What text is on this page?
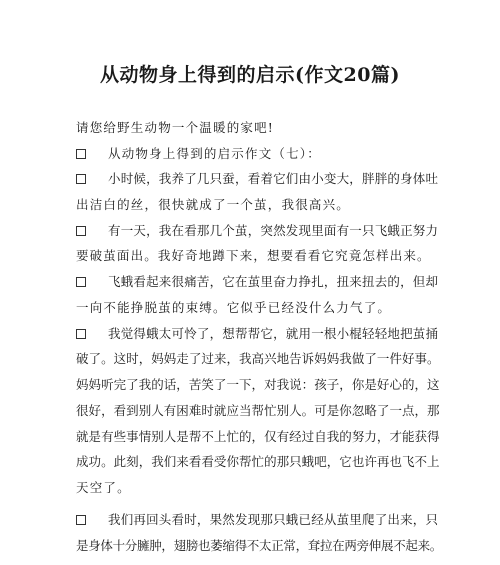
从动物身上得到的启示(作文20篇)
请您给野生动物一个温暖的家吧!
从动物身上得到的启示作文（七）：
小时候，我养了几只蚕，看着它们由小变大，胖胖的身体吐
出洁白的丝，很快就成了一个茧，我很高兴。
有一天，我在看那几个茧，突然发现里面有一只飞蛾正努力
要破茧面出。我好奇地蹲下来，想要看看它究竟怎样出来。
飞蛾看起来很痛苦，它在茧里奋力挣扎，扭来扭去的，但却
一向不能挣脱茧的束缚。它似乎已经没什么力气了。
我觉得蛾太可怜了，想帮帮它，就用一根小棍轻轻地把茧捅
破了。这时，妈妈走了过来，我高兴地告诉妈妈我做了一件好事。
妈妈听完了我的话，苦笑了一下，对我说：孩子，你是好心的，这
很好，看到别人有困难时就应当帮忙别人。可是你忽略了一点，那
就是有些事情别人是帮不上忙的，仅有经过自我的努力，才能获得
成功。此刻，我们来看看受你帮忙的那只蛾吧，它也许再也飞不上
天空了。
我们再回头看时，果然发现那只蛾已经从茧里爬了出来，只
是身体十分臃肿，翅膀也萎缩得不太正常，耷拉在两旁伸展不起来。
